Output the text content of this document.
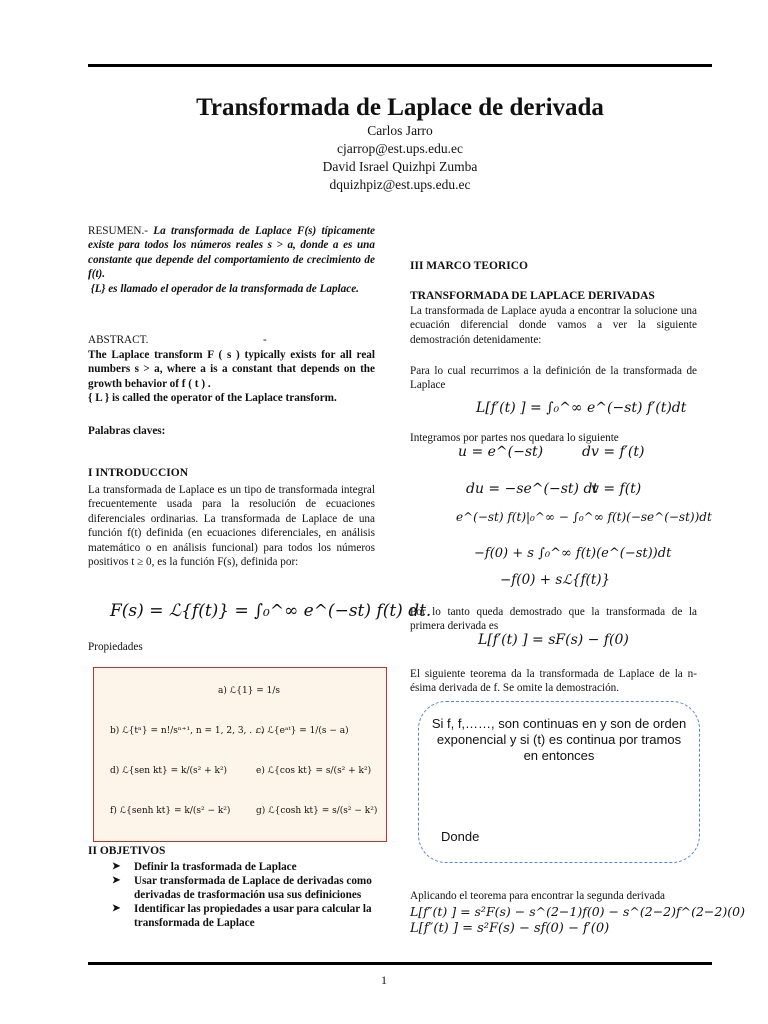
Transformada de Laplace de derivada
Carlos Jarro
cjarrop@est.ups.edu.ec
David Israel Quizhpi Zumba
dquizhpiz@est.ups.edu.ec
RESUMEN.- La transformada de Laplace F(s) típicamente existe para todos los números reales s > a, donde a es una constante que depende del comportamiento de crecimiento de f(t).
{L} es llamado el operador de la transformada de Laplace.
ABSTRACT.	-
The Laplace transform F ( s ) typically exists for all real numbers s > a, where a is a constant that depends on the growth behavior of f ( t ) .
{ L } is called the operator of the Laplace transform.
Palabras claves:
I INTRODUCCION
La transformada de Laplace es un tipo de transformada integral frecuentemente usada para la resolución de ecuaciones diferenciales ordinarias. La transformada de Laplace de una función f(t) definida (en ecuaciones diferenciales, en análisis matemático o en análisis funcional) para todos los números positivos t ≥ 0, es la función F(s), definida por:
F(s) = ℒ{f(t)} = ∫₀^∞ e^(−st) f(t) dt.
Propiedades
a) ℒ{1} = 1/s
b) ℒ{tⁿ} = n!/sⁿ⁺¹, n = 1, 2, 3, . . .
c) ℒ{eᵃᵗ} = 1/(s − a)
d) ℒ{sen kt} = k/(s² + k²)	e) ℒ{cos kt} = s/(s² + k²)
f) ℒ{senh kt} = k/(s² − k²)	g) ℒ{cosh kt} = s/(s² − k²)
II OBJETIVOS
➤ Definir la trasformada de Laplace
➤ Usar transformada de Laplace de derivadas como derivadas de trasformación usa sus definiciones
➤ Identificar las propiedades a usar para calcular la transformada de Laplace
III MARCO TEORICO
TRANSFORMADA DE LAPLACE DERIVADAS
La transformada de Laplace ayuda a encontrar la solucione una ecuación diferencial donde vamos a ver la siguiente demostración detenidamente:
Para lo cual recurrimos a la definición de la transformada de Laplace
L[f′(t) ] = ∫₀^∞ e^(−st) f′(t)dt
Integramos por partes nos quedara lo siguiente
u = e^(−st)	dv = f′(t)
du = −se^(−st) dt
v = f(t)
e^(−st) f(t)|₀^∞ − ∫₀^∞ f(t)(−se^(−st))dt
−f(0) + s ∫₀^∞ f(t)(e^(−st))dt
−f(0) + sℒ{f(t)}
Por lo tanto queda demostrado que la transformada de la primera derivada es
L[f′(t) ] = sF(s) − f(0)
El siguiente teorema da la transformada de Laplace de la n-ésima derivada de f. Se omite la demostración.
Si f, f,……, son continuas en y son de orden exponencial y si (t) es continua por tramos en entonces
Donde
Aplicando el teorema para encontrar la segunda derivada
L[f″(t) ] = s²F(s) − s^(2−1)f(0) − s^(2−2)f^(2−2)(0)
L[f″(t) ] = s²F(s) − sf(0) − f′(0)
1
